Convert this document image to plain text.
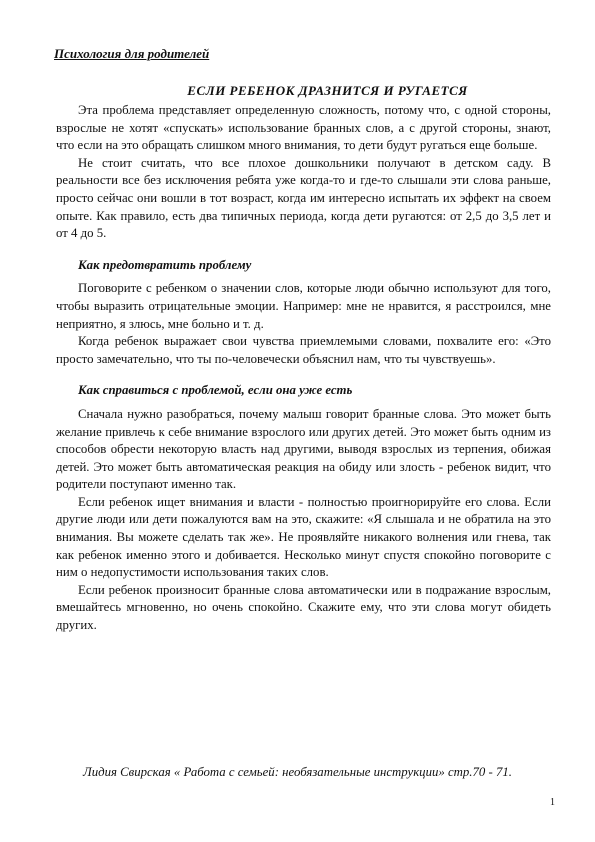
Психология для родителей
ЕСЛИ РЕБЕНОК ДРАЗНИТСЯ И РУГАЕТСЯ

Эта проблема представляет определенную сложность, потому что, с одной стороны, взрослые не хотят «спускать» использование бранных слов, а с другой стороны, знают, что если на это обращать слишком много внимания, то дети будут ругаться еще больше.

Не стоит считать, что все плохое дошкольники получают в детском саду. В реальности все без исключения ребята уже когда-то и где-то слышали эти слова раньше, просто сейчас они вошли в тот возраст, когда им интересно испытать их эффект на своем опыте. Как правило, есть два типичных периода, когда дети ругаются: от 2,5 до 3,5 лет и от 4 до 5.

Как предотвратить проблему

Поговорите с ребенком о значении слов, которые люди обычно используют для того, чтобы выразить отрицательные эмоции. Например: мне не нравится, я расстроился, мне неприятно, я злюсь, мне больно и т. д.

Когда ребенок выражает свои чувства приемлемыми словами, похвалите его: «Это просто замечательно, что ты по-человечески объяснил нам, что ты чувствуешь».

Как справиться с проблемой, если она уже есть

Сначала нужно разобраться, почему малыш говорит бранные слова. Это может быть желание привлечь к себе внимание взрослого или других детей. Это может быть одним из способов обрести некоторую власть над другими, выводя взрослых из терпения, обижая детей. Это может быть автоматическая реакция на обиду или злость - ребенок видит, что родители поступают именно так.

Если ребенок ищет внимания и власти - полностью проигнорируйте его слова. Если другие люди или дети пожалуются вам на это, скажите: «Я слышала и не обратила на это внимания. Вы можете сделать так же». Не проявляйте никакого волнения или гнева, так как ребенок именно этого и добивается. Несколько минут спустя спокойно поговорите с ним о недопустимости использования таких слов.

Если ребенок произносит бранные слова автоматически или в подражание взрослым, вмешайтесь мгновенно, но очень спокойно. Скажите ему, что эти слова могут обидеть других.

Лидия Свирская « Работа с семьей: необязательные инструкции» стр.70 - 71.
1
